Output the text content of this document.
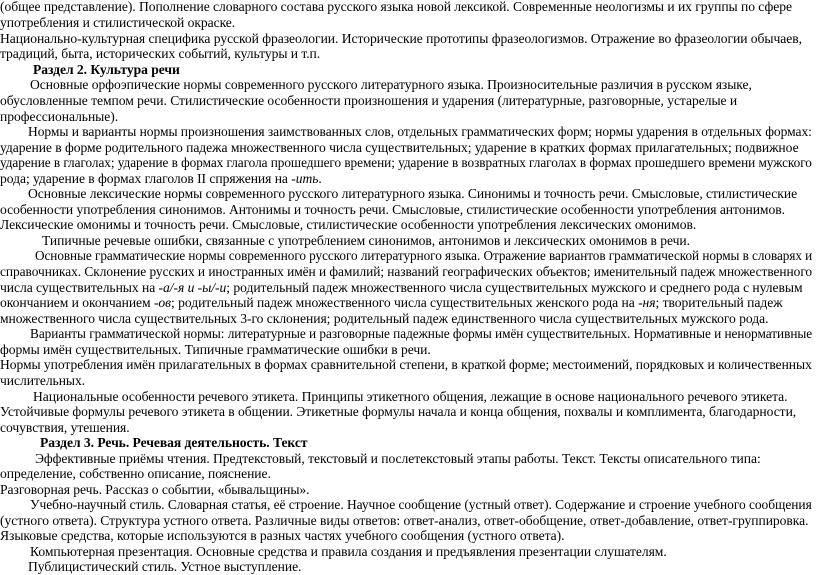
(общее представление). Пополнение словарного состава русского языка новой лексикой. Современные неологизмы и их группы по сфере
употребления и стилистической окраске.
Национально-культурная специфика русской фразеологии. Исторические прототипы фразеологизмов. Отражение во фразеологии обычаев,
традиций, быта, исторических событий, культуры и т.п.
Раздел 2. Культура речи
Основные орфоэпические нормы современного русского литературного языка. Произносительные различия в русском языке,
обусловленные темпом речи. Стилистические особенности произношения и ударения (литературные, разговорные, устарелые и
профессиональные).
Нормы и варианты нормы произношения заимствованных слов, отдельных грамматических форм; нормы ударения в отдельных формах:
ударение в форме родительного падежа множественного числа существительных; ударение в кратких формах прилагательных; подвижное
ударение в глаголах; ударение в формах глагола прошедшего времени; ударение в возвратных глаголах в формах прошедшего времени мужского
рода; ударение в формах глаголов II спряжения на -ить.
Основные лексические нормы современного русского литературного языка. Синонимы и точность речи. Смысловые, стилистические
особенности употребления синонимов. Антонимы и точность речи. Смысловые, стилистические особенности употребления антонимов.
Лексические омонимы и точность речи. Смысловые, стилистические особенности употребления лексических омонимов.
Типичные речевые ошибки, связанные с употреблением синонимов, антонимов и лексических омонимов в речи.
Основные грамматические нормы современного русского литературного языка. Отражение вариантов грамматической нормы в словарях и
справочниках. Склонение русских и иностранных имён и фамилий; названий географических объектов; именительный падеж множественного
числа существительных на -а/-я и -ы/-и; родительный падеж множественного числа существительных мужского и среднего рода с нулевым
окончанием и окончанием -ов; родительный падеж множественного числа существительных женского рода на -ня; творительный падеж
множественного числа существительных 3-го склонения; родительный падеж единственного числа существительных мужского рода.
Варианты грамматической нормы: литературные и разговорные падежные формы имён существительных. Нормативные и ненормативные
формы имён существительных. Типичные грамматические ошибки в речи.
Нормы употребления имён прилагательных в формах сравнительной степени, в краткой форме; местоимений, порядковых и количественных
числительных.
Национальные особенности речевого этикета. Принципы этикетного общения, лежащие в основе национального речевого этикета.
Устойчивые формулы речевого этикета в общении. Этикетные формулы начала и конца общения, похвалы и комплимента, благодарности,
сочувствия, утешения.
Раздел 3. Речь. Речевая деятельность. Текст
Эффективные приёмы чтения. Предтекстовый, текстовый и послетекстовый этапы работы. Текст. Тексты описательного типа:
определение, собственно описание, пояснение.
Разговорная речь. Рассказ о событии, «бывальщины».
Учебно-научный стиль. Словарная статья, её строение. Научное сообщение (устный ответ). Содержание и строение учебного сообщения
(устного ответа). Структура устного ответа. Различные виды ответов: ответ-анализ, ответ-обобщение, ответ-добавление, ответ-группировка.
Языковые средства, которые используются в разных частях учебного сообщения (устного ответа).
Компьютерная презентация. Основные средства и правила создания и предъявления презентации слушателям.
Публицистический стиль. Устное выступление.
